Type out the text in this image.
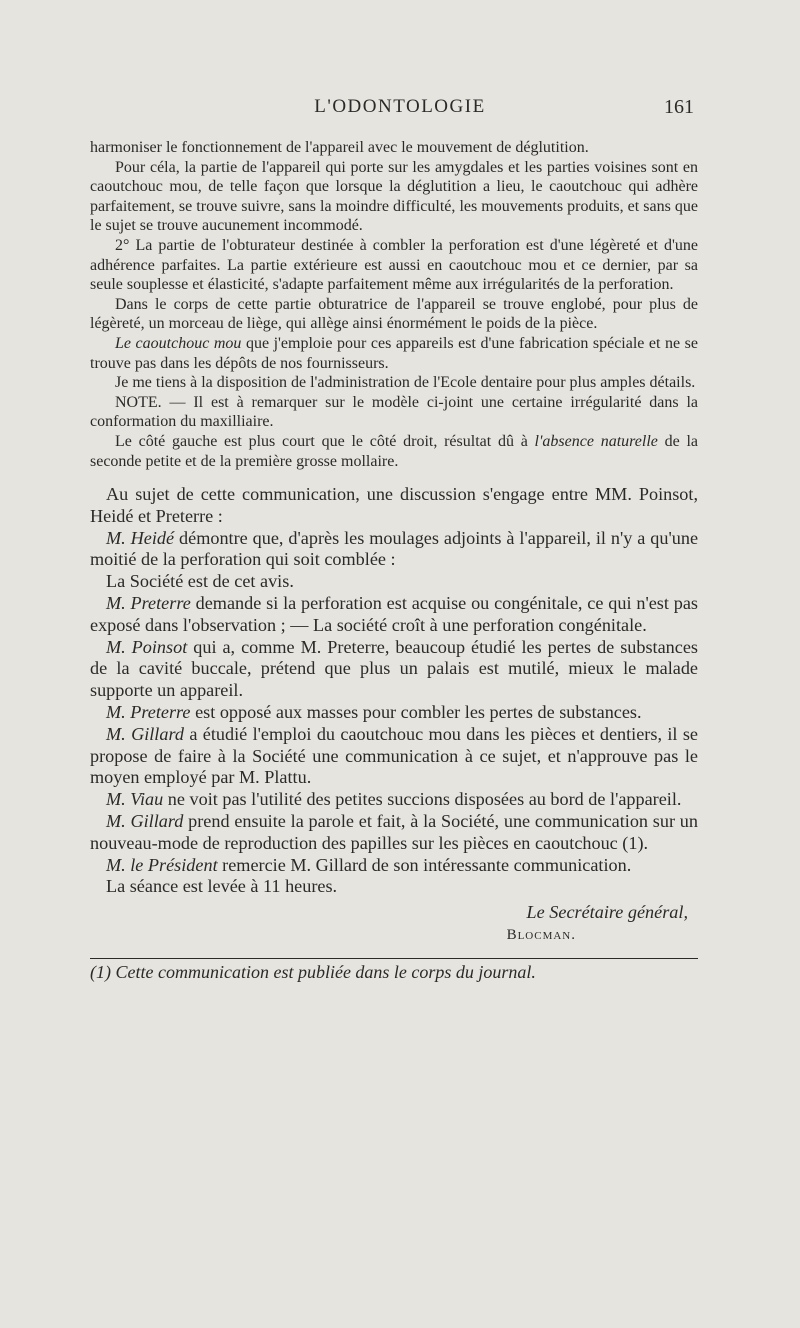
L'ODONTOLOGIE	161

harmoniser le fonctionnement de l'appareil avec le mouvement de déglutition.

Pour céla, la partie de l'appareil qui porte sur les amygdales et les parties voisines sont en caoutchouc mou, de telle façon que lorsque la déglutition a lieu, le caoutchouc qui adhère parfaitement, se trouve suivre, sans la moindre difficulté, les mouvements produits, et sans que le sujet se trouve aucunement incommodé.

2° La partie de l'obturateur destinée à combler la perforation est d'une légèreté et d'une adhérence parfaites. La partie extérieure est aussi en caoutchouc mou et ce dernier, par sa seule souplesse et élasticité, s'adapte parfaitement même aux irrégularités de la perforation.

Dans le corps de cette partie obturatrice de l'appareil se trouve englobé, pour plus de légèreté, un morceau de liège, qui allège ainsi énormément le poids de la pièce.

Le caoutchouc mou que j'emploie pour ces appareils est d'une fabrication spéciale et ne se trouve pas dans les dépôts de nos fournisseurs.

Je me tiens à la disposition de l'administration de l'Ecole dentaire pour plus amples détails.

NOTE. — Il est à remarquer sur le modèle ci-joint une certaine irrégularité dans la conformation du maxilliaire.

Le côté gauche est plus court que le côté droit, résultat dû à l'absence naturelle de la seconde petite et de la première grosse mollaire.

Au sujet de cette communication, une discussion s'engage entre MM. Poinsot, Heidé et Preterre :

M. Heidé démontre que, d'après les moulages adjoints à l'appareil, il n'y a qu'une moitié de la perforation qui soit comblée :

La Société est de cet avis.

M. Preterre demande si la perforation est acquise ou congénitale, ce qui n'est pas exposé dans l'observation ; — La société croît à une perforation congénitale.

M. Poinsot qui a, comme M. Preterre, beaucoup étudié les pertes de substances de la cavité buccale, prétend que plus un palais est mutilé, mieux le malade supporte un appareil.

M. Preterre est opposé aux masses pour combler les pertes de substances.

M. Gillard a étudié l'emploi du caoutchouc mou dans les pièces et dentiers, il se propose de faire à la Société une communication à ce sujet, et n'approuve pas le moyen employé par M. Plattu.

M. Viau ne voit pas l'utilité des petites succions disposées au bord de l'appareil.

M. Gillard prend ensuite la parole et fait, à la Société, une communication sur un nouveau-mode de reproduction des papilles sur les pièces en caoutchouc (1).

M. le Président remercie M. Gillard de son intéressante communication.

La séance est levée à 11 heures.

Le Secrétaire général,
Blocman.
(1) Cette communication est publiée dans le corps du journal.
